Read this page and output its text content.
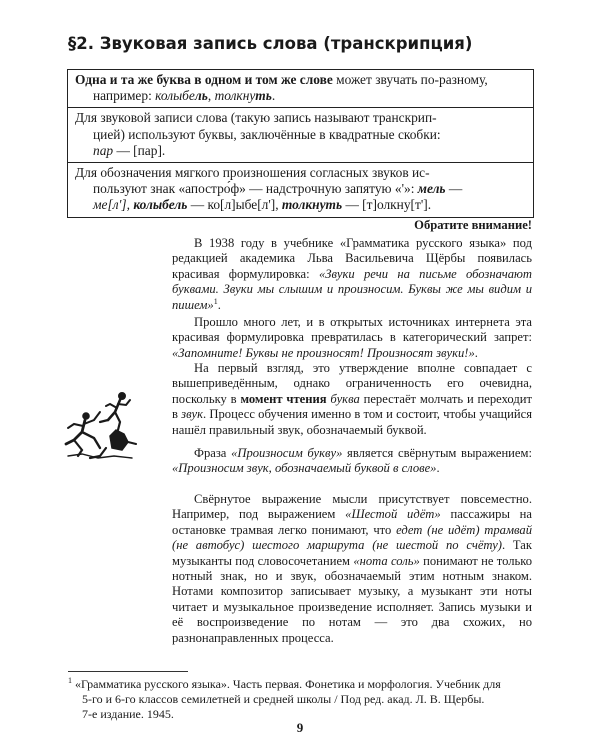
§2. Звуковая запись слова (транскрипция)
Одна и та же буква в одном и том же слове может звучать по-разному,
например: колыбель, толкнуть.
Для звуковой записи слова (такую запись называют транскрип-
цией) используют буквы, заключённые в квадратные скобки:
пар — [пар].
Для обозначения мягкого произношения согласных звуков ис-
пользуют знак «апостро́ф» — надстрочную запятую «'»: мель —
ме[л'], колыбель — ко[л]ыбе[л'], толкнуть — [т]олкну[т'].
Обратите внимание!

В 1938 году в учебнике «Грамматика русского языка» под редакцией академика Льва Васильевича Щёрбы появилась красивая формулировка: «Звуки речи на письме обозначают буквами. Звуки мы слышим и произносим. Буквы же мы видим и пишем»$^1$.

Прошло много лет, и в открытых источниках интернета эта красивая формулировка превратилась в категорический запрет: «Запомните! Буквы не произносят! Произносят звуки!».

На первый взгляд, это утверждение вполне совпадает с вышеприведённым, однако ограниченность его очевидна, поскольку в момент чтения буква перестаёт молчать и переходит в звук. Процесс обучения именно в том и состоит, чтобы учащийся нашёл правильный звук, обозначаемый буквой.

Фраза «Произносим букву» является свёрнутым выражением: «Произносим звук, обозначаемый буквой в слове».

Свёрнутое выражение мысли присутствует повсеместно. Например, под выражением «Шестой идёт» пассажиры на остановке трамвая легко понимают, что едет (не идёт) трамвай (не автобус) шестого маршрута (не шестой по счёту). Так музыканты под словосочетанием «нота соль» понимают не только нотный знак, но и звук, обозначаемый этим нотным знаком. Нотами композитор записывает музыку, а музыкант эти ноты читает и музыкальное произведение исполняет. Запись музыки и её воспроизведение по нотам — это два схожих, но разнонаправленных процесса.

$^1$ «Грамматика русского языка». Часть первая. Фонетика и морфология. Учебник для
5-го и 6-го классов семилетней и средней школы / Под ред. акад. Л. В. Щербы.
7-е издание. 1945.
9
